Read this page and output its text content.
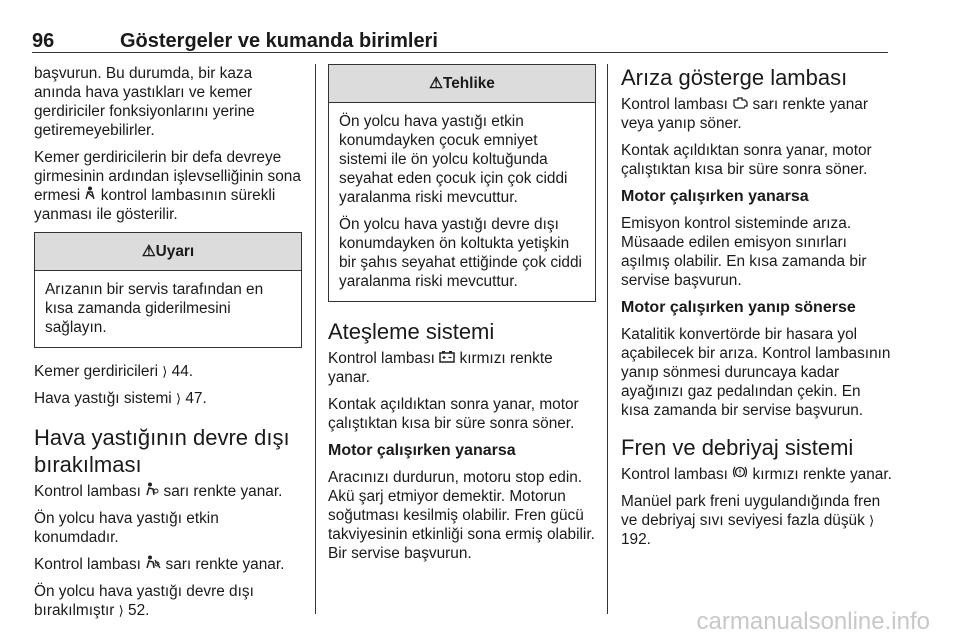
96	Göstergeler ve kumanda birimleri

başvurun. Bu durumda, bir kaza anında hava yastıkları ve kemer gerdiriciler fonksiyonlarını yerine getiremeyebilirler.

Kemer gerdiricilerin bir defa devreye girmesinin ardından işlevselliğinin sona ermesi kontrol lambasının sürekli yanması ile gösterilir.

⚠Uyarı

Arızanın bir servis tarafından en kısa zamanda giderilmesini sağlayın.

Kemer gerdiricileri ⟩ 44.

Hava yastığı sistemi ⟩ 47.

Hava yastığının devre dışı bırakılması

Kontrol lambası sarı renkte yanar.

Ön yolcu hava yastığı etkin konumdadır.

Kontrol lambası sarı renkte yanar.

Ön yolcu hava yastığı devre dışı bırakılmıştır ⟩ 52.

⚠Tehlike

Ön yolcu hava yastığı etkin konumdayken çocuk emniyet sistemi ile ön yolcu koltuğunda seyahat eden çocuk için çok ciddi yaralanma riski mevcuttur.

Ön yolcu hava yastığı devre dışı konumdayken ön koltukta yetişkin bir şahıs seyahat ettiğinde çok ciddi yaralanma riski mevcuttur.

Ateşleme sistemi

Kontrol lambası kırmızı renkte yanar.

Kontak açıldıktan sonra yanar, motor çalıştıktan kısa bir süre sonra söner.

Motor çalışırken yanarsa

Aracınızı durdurun, motoru stop edin. Akü şarj etmiyor demektir. Motorun soğutması kesilmiş olabilir. Fren gücü takviyesinin etkinliği sona ermiş olabilir. Bir servise başvurun.

Arıza gösterge lambası

Kontrol lambası sarı renkte yanar veya yanıp söner.

Kontak açıldıktan sonra yanar, motor çalıştıktan kısa bir süre sonra söner.

Motor çalışırken yanarsa

Emisyon kontrol sisteminde arıza. Müsaade edilen emisyon sınırları aşılmış olabilir. En kısa zamanda bir servise başvurun.

Motor çalışırken yanıp sönerse

Katalitik konvertörde bir hasara yol açabilecek bir arıza. Kontrol lambasının yanıp sönmesi duruncaya kadar ayağınızı gaz pedalından çekin. En kısa zamanda bir servise başvurun.

Fren ve debriyaj sistemi

Kontrol lambası kırmızı renkte yanar.

Manüel park freni uygulandığında fren ve debriyaj sıvı seviyesi fazla düşük ⟩ 192.

carmanualsonline.info
